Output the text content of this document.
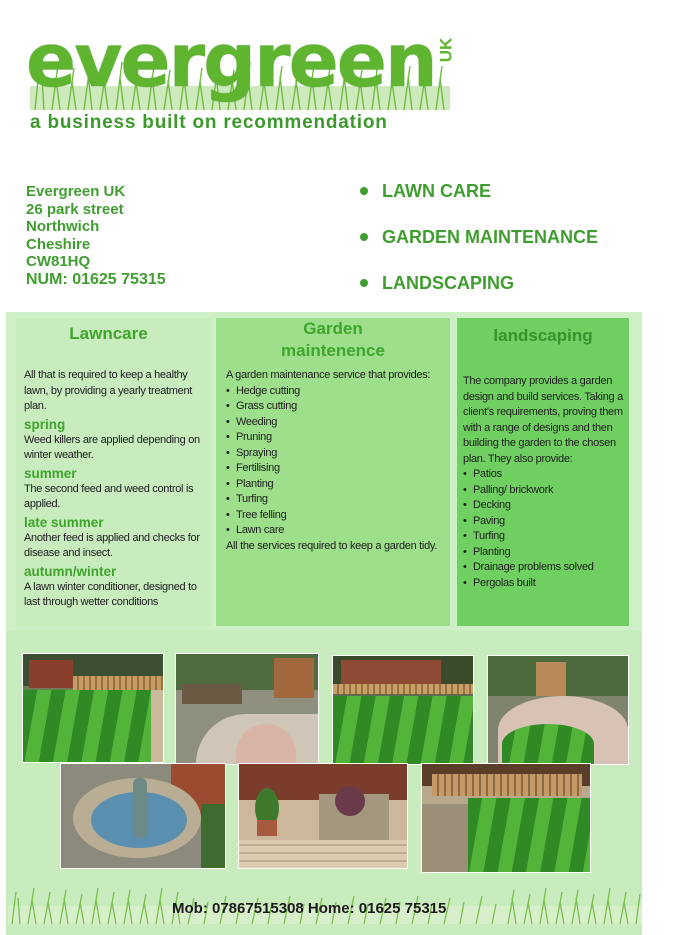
evergreen UK
a business built on recommendation
Evergreen UK
26 park street
Northwich
Cheshire
CW81HQ
NUM: 01625 75315
LAWN CARE
GARDEN MAINTENANCE
LANDSCAPING
Lawncare
All that is required to keep a healthy lawn, by providing a yearly treatment plan.
spring
Weed killers are applied depending on winter weather.
summer
The second feed and weed control is applied.
late summer
Another feed is applied and checks for disease and insect.
autumn/winter
A lawn winter conditioner, designed to last through wetter conditions
Garden
maintenence
A garden maintenance service that provides:
• Hedge cutting
• Grass cutting
• Weeding
• Pruning
• Spraying
• Fertilising
• Planting
• Turfing
• Tree felling
• Lawn care
All the services required to keep a garden tidy.
landscaping
The company provides a garden design and build services. Taking a client's requirements, proving them with a range of designs and then building the garden to the chosen plan. They also provide:
• Patios
• Palling/ brickwork
• Decking
• Paving
• Turfing
• Planting
• Drainage problems solved
• Pergolas built
Mob: 07867515308 Home: 01625 75315
